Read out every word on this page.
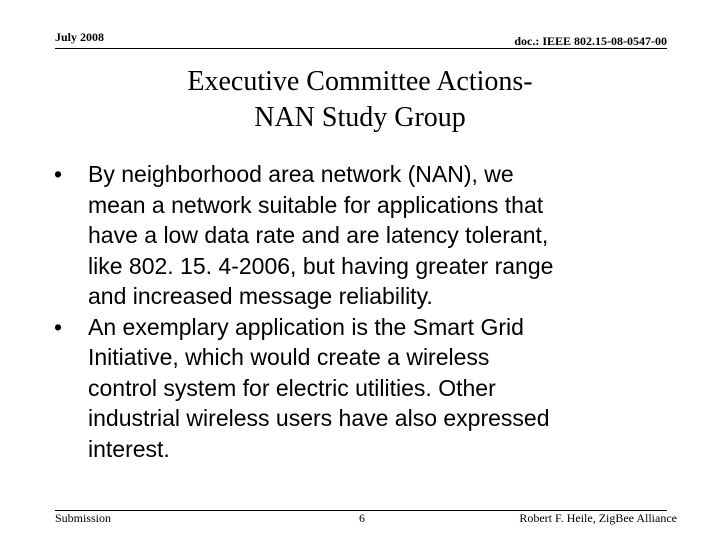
July 2008	doc.: IEEE 802.15-08-0547-00
Executive Committee Actions-
NAN Study Group
•	By neighborhood area network (NAN), we
mean a network suitable for applications that
have a low data rate and are latency tolerant,
like 802. 15. 4-2006, but having greater range
and increased message reliability.
•	An exemplary application is the Smart Grid
Initiative, which would create a wireless
control system for electric utilities. Other
industrial wireless users have also expressed
interest.
Submission	6	Robert F. Heile, ZigBee Alliance
